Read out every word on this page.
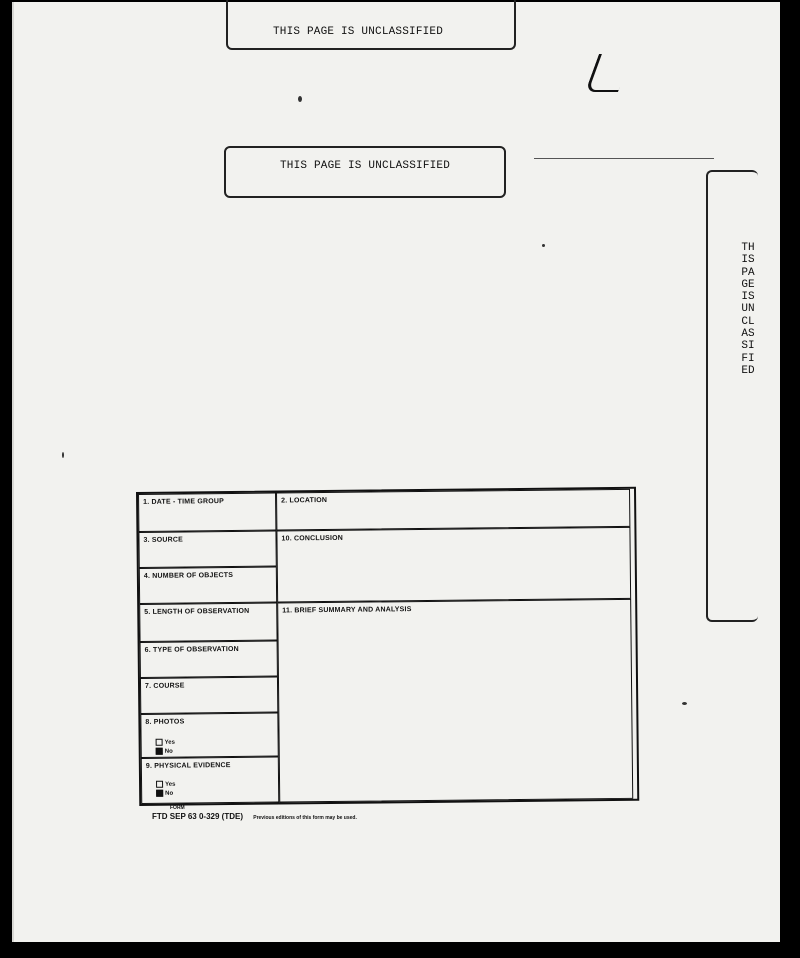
THIS PAGE IS UNCLASSIFIED
THIS PAGE IS UNCLASSIFIED
THIS PAGE IS UNCLASSIFIED
1. DATE - TIME GROUP
3. SOURCE
4. NUMBER OF OBJECTS
5. LENGTH OF OBSERVATION
6. TYPE OF OBSERVATION
7. COURSE
8. PHOTOS
Yes
No
9. PHYSICAL EVIDENCE
Yes
No
2. LOCATION
10. CONCLUSION
11. BRIEF SUMMARY AND ANALYSIS
FORM
FTD SEP 63 0-329 (TDE) Previous editions of this form may be used.
